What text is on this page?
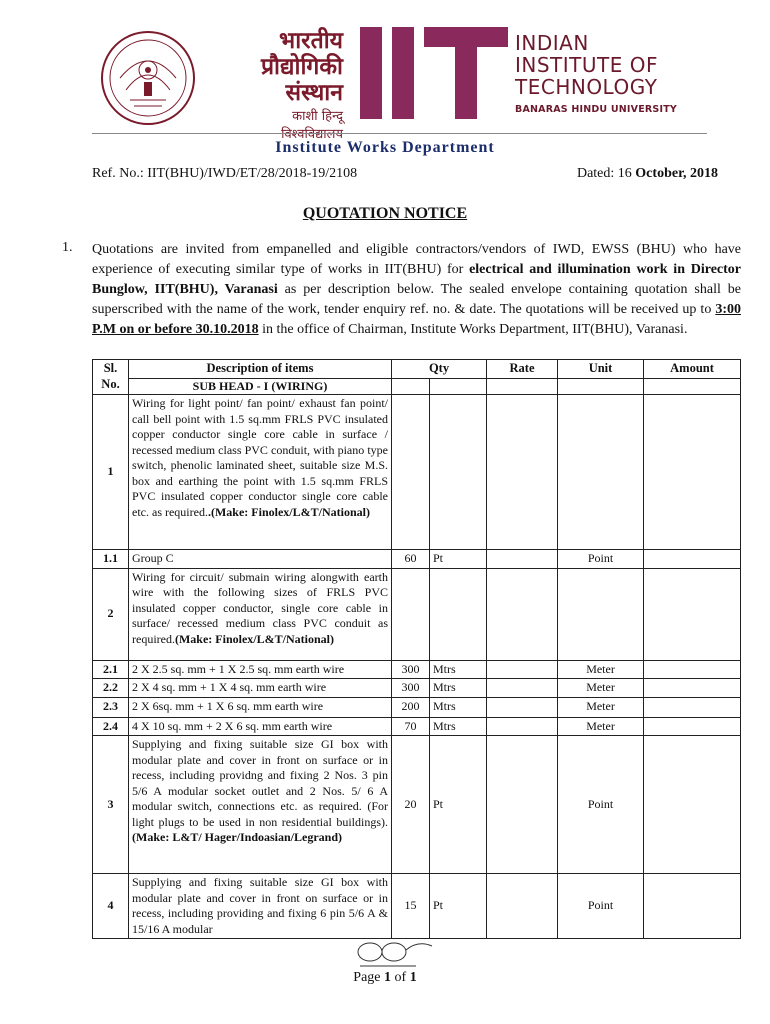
भारतीय
प्रौद्योगिकी
संस्थान
काशी हिन्दू विश्वविद्यालय
INDIAN
INSTITUTE OF
TECHNOLOGY
BANARAS HINDU UNIVERSITY
Institute Works Department
Ref. No.: IIT(BHU)/IWD/ET/28/2018-19/2108	Dated: 16 October, 2018
QUOTATION NOTICE
1. Quotations are invited from empanelled and eligible contractors/vendors of IWD, EWSS (BHU) who have experience of executing similar type of works in IIT(BHU) for electrical and illumination work in Director Bunglow, IIT(BHU), Varanasi as per description below. The sealed envelope containing quotation shall be superscribed with the name of the work, tender enquiry ref. no. & date. The quotations will be received up to 3:00 P.M on or before 30.10.2018 in the office of Chairman, Institute Works Department, IIT(BHU), Varanasi.
Sl. No.	Description of items	Qty		Rate	Unit	Amount
	SUB HEAD - I (WIRING)					
1	Wiring for light point/ fan point/ exhaust fan point/ call bell point with 1.5 sq.mm FRLS PVC insulated copper conductor single core cable in surface / recessed medium class PVC conduit, with piano type switch, phenolic laminated sheet, suitable size M.S. box and earthing the point with 1.5 sq.mm FRLS PVC insulated copper conductor single core cable etc. as required..(Make: Finolex/L&T/National)					
1.1	Group C	60	Pt		Point	
2	Wiring for circuit/ submain wiring alongwith earth wire with the following sizes of FRLS PVC insulated copper conductor, single core cable in surface/ recessed medium class PVC conduit as required.(Make: Finolex/L&T/National)					
2.1	2 X 2.5 sq. mm + 1 X 2.5 sq. mm earth wire	300	Mtrs		Meter	
2.2	2 X 4 sq. mm + 1 X 4 sq. mm earth wire	300	Mtrs		Meter	
2.3	2 X 6sq. mm + 1 X 6 sq. mm earth wire	200	Mtrs		Meter	
2.4	4 X 10 sq. mm + 2 X 6 sq. mm earth wire	70	Mtrs		Meter	
3	Supplying and fixing suitable size GI box with modular plate and cover in front on surface or in recess, including providng and fixing 2 Nos. 3 pin 5/6 A modular socket outlet and 2 Nos. 5/ 6 A modular switch, connections etc. as required. (For light plugs to be used in non residential buildings).(Make: L&T/ Hager/Indoasian/Legrand)	20	Pt		Point	
4	Supplying and fixing suitable size GI box with modular plate and cover in front on surface or in recess, including providing and fixing 6 pin 5/6 A & 15/16 A modular	15	Pt		Point	
Page 1 of 1
